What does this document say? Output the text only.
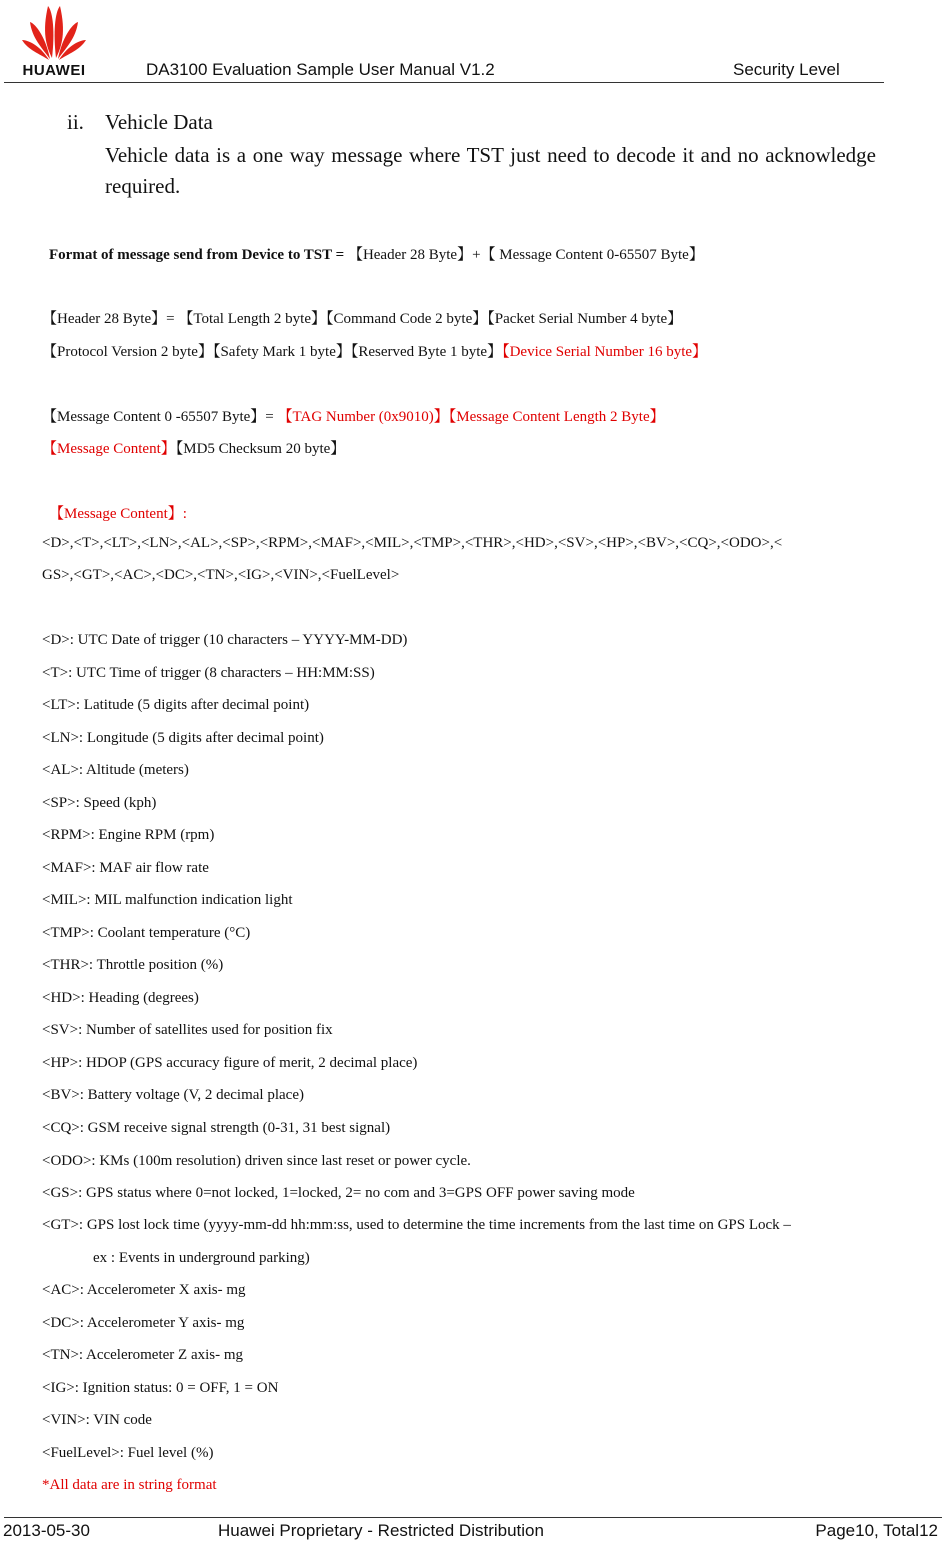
HUAWEI	DA3100 Evaluation Sample User Manual V1.2	Security Level
ii. Vehicle Data
Vehicle data is a one way message where TST just need to decode it and no acknowledge required.
Format of message send from Device to TST = 【Header 28 Byte】+【 Message Content 0-65507 Byte】
【Header 28 Byte】= 【Total Length 2 byte】【Command Code 2 byte】【Packet Serial Number 4 byte】
【Protocol Version 2 byte】【Safety Mark 1 byte】【Reserved Byte 1 byte】【Device Serial Number 16 byte】
【Message Content 0 -65507 Byte】= 【TAG Number (0x9010)】【Message Content Length 2 Byte】
【Message Content】【MD5 Checksum 20 byte】
【Message Content】:
<D>,<T>,<LT>,<LN>,<AL>,<SP>,<RPM>,<MAF>,<MIL>,<TMP>,<THR>,<HD>,<SV>,<HP>,<BV>,<CQ>,<ODO>,<
GS>,<GT>,<AC>,<DC>,<TN>,<IG>,<VIN>,<FuelLevel>
<D>: UTC Date of trigger (10 characters – YYYY-MM-DD)
<T>: UTC Time of trigger (8 characters – HH:MM:SS)
<LT>: Latitude (5 digits after decimal point)
<LN>: Longitude (5 digits after decimal point)
<AL>: Altitude (meters)
<SP>: Speed (kph)
<RPM>: Engine RPM (rpm)
<MAF>: MAF air flow rate
<MIL>: MIL malfunction indication light
<TMP>: Coolant temperature (°C)
<THR>: Throttle position (%)
<HD>: Heading (degrees)
<SV>: Number of satellites used for position fix
<HP>: HDOP (GPS accuracy figure of merit, 2 decimal place)
<BV>: Battery voltage (V, 2 decimal place)
<CQ>: GSM receive signal strength (0-31, 31 best signal)
<ODO>: KMs (100m resolution) driven since last reset or power cycle.
<GS>: GPS status where 0=not locked, 1=locked, 2= no com and 3=GPS OFF power saving mode
<GT>: GPS lost lock time (yyyy-mm-dd hh:mm:ss, used to determine the time increments from the last time on GPS Lock –
ex : Events in underground parking)
<AC>: Accelerometer X axis- mg
<DC>: Accelerometer Y axis- mg
<TN>: Accelerometer Z axis- mg
<IG>: Ignition status: 0 = OFF, 1 = ON
<VIN>: VIN code
<FuelLevel>: Fuel level (%)
*All data are in string format
2013-05-30	Huawei Proprietary - Restricted Distribution	Page10, Total12
